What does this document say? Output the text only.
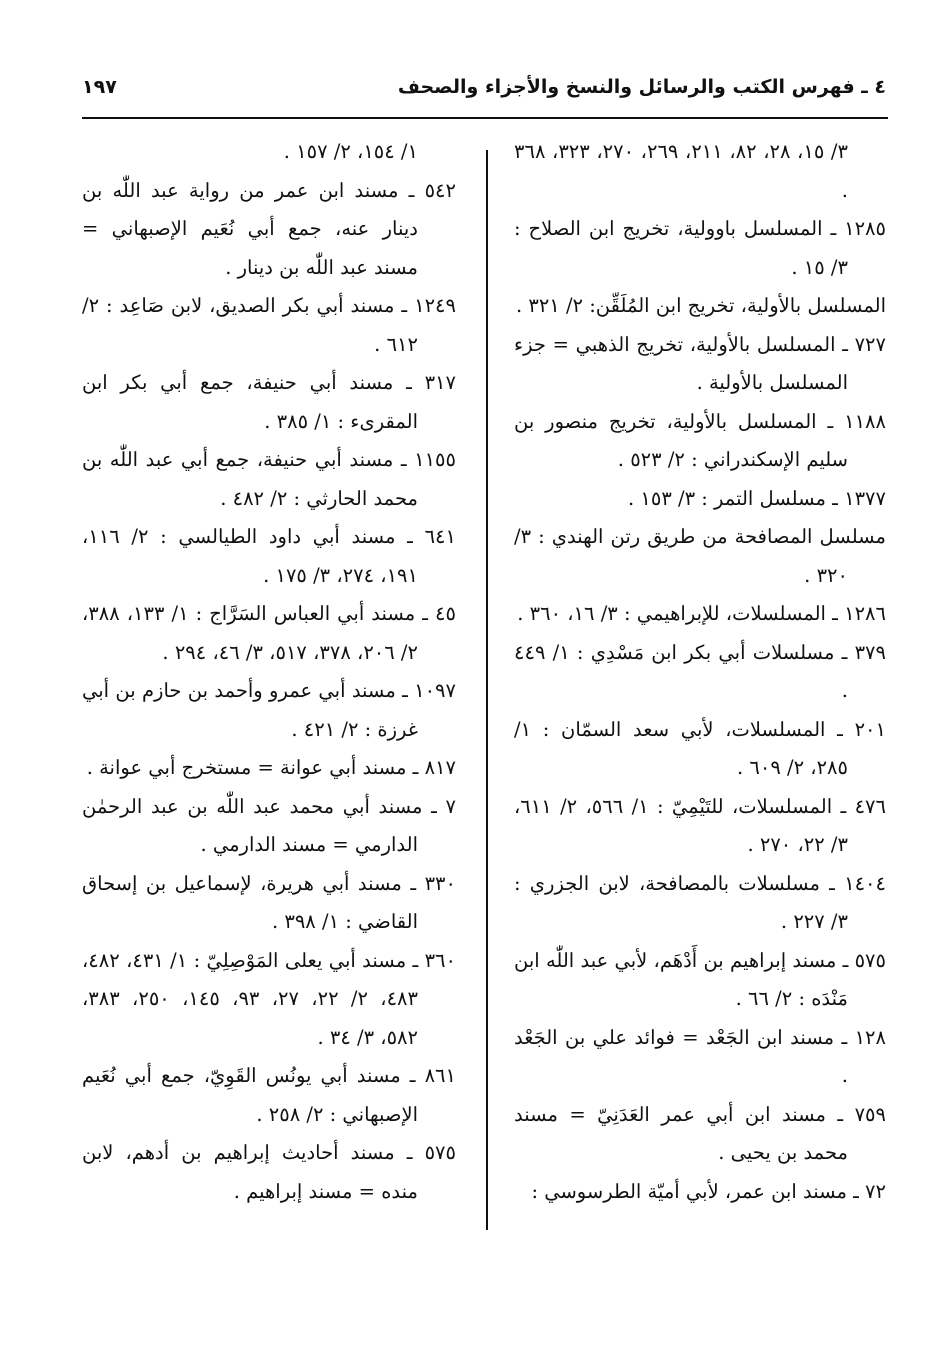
٤ ـ فهرس الكتب والرسائل والنسخ والأجزاء والصحف
١٩٧

٣/ ١٥، ٢٨، ٨٢، ٢١١، ٢٦٩، ٢٧٠، ٣٢٣، ٣٦٨ .

١٢٨٥ ـ المسلسل باوولية، تخريج ابن الصلاح : ٣/ ١٥ .

المسلسل بالأولية، تخريج ابن المُلَقِّن: ٢/ ٣٢١ .

٧٢٧ ـ المسلسل بالأولية، تخريج الذهبي = جزء المسلسل بالأولية .

١١٨٨ ـ المسلسل بالأولية، تخريج منصور بن سليم الإسكندراني : ٢/ ٥٢٣ .

١٣٧٧ ـ مسلسل التمر : ٣/ ١٥٣ .

مسلسل المصافحة من طريق رتن الهندي : ٣/ ٣٢٠ .

١٢٨٦ ـ المسلسلات، للإبراهيمي : ٣/ ١٦، ٣٦٠ .

٣٧٩ ـ مسلسلات أبي بكر ابن مَسْدِي : ١/ ٤٤٩ .

٢٠١ ـ المسلسلات، لأبي سعد السمّان : ١/ ٢٨٥، ٢/ ٦٠٩ .

٤٧٦ ـ المسلسلات، للتَيْمِيّ : ١/ ٥٦٦، ٢/ ٦١١، ٣/ ٢٢، ٢٧٠ .

١٤٠٤ ـ مسلسلات بالمصافحة، لابن الجزري : ٣/ ٢٢٧ .

٥٧٥ ـ مسند إبراهيم بن أَدْهَم، لأبي عبد اللّٰه ابن مَنْدَه : ٢/ ٦٦ .

١٢٨ ـ مسند ابن الجَعْد = فوائد علي بن الجَعْد .

٧٥٩ ـ مسند ابن أبي عمر العَدَنِيّ = مسند محمد بن يحيى .

٧٢ ـ مسند ابن عمر، لأبي أميّة الطرسوسي :

١/ ١٥٤، ٢/ ١٥٧ .

٥٤٢ ـ مسند ابن عمر من رواية عبد اللّٰه بن دينار عنه، جمع أبي نُعَيم الإصبهاني = مسند عبد اللّٰه بن دينار .

١٢٤٩ ـ مسند أبي بكر الصديق، لابن صَاعِد : ٢/ ٦١٢ .

٣١٧ ـ مسند أبي حنيفة، جمع أبي بكر ابن المقرىء : ١/ ٣٨٥ .

١١٥٥ ـ مسند أبي حنيفة، جمع أبي عبد اللّٰه بن محمد الحارثي : ٢/ ٤٨٢ .

٦٤١ ـ مسند أبي داود الطيالسي : ٢/ ١١٦، ١٩١، ٢٧٤، ٣/ ١٧٥ .

٤٥ ـ مسند أبي العباس السَرَّاج : ١/ ١٣٣، ٣٨٨، ٢/ ٢٠٦، ٣٧٨، ٥١٧، ٣/ ٤٦، ٢٩٤ .

١٠٩٧ ـ مسند أبي عمرو وأحمد بن حازم بن أبي غرزة : ٢/ ٤٢١ .

٨١٧ ـ مسند أبي عوانة = مستخرج أبي عوانة .

٧ ـ مسند أبي محمد عبد اللّٰه بن عبد الرحمٰن الدارمي = مسند الدارمي .

٣٣٠ ـ مسند أبي هريرة، لإسماعيل بن إسحاق القاضي : ١/ ٣٩٨ .

٣٦٠ ـ مسند أبي يعلى المَوْصِلِيّ : ١/ ٤٣١، ٤٨٢، ٤٨٣، ٢/ ٢٢، ٢٧، ٩٣، ١٤٥، ٢٥٠، ٣٨٣، ٥٨٢، ٣/ ٣٤ .

٨٦١ ـ مسند أبي يونُس القَوِيّ، جمع أبي نُعَيم الإصبهاني : ٢/ ٢٥٨ .

٥٧٥ ـ مسند أحاديث إبراهيم بن أدهم، لابن منده = مسند إبراهيم .
